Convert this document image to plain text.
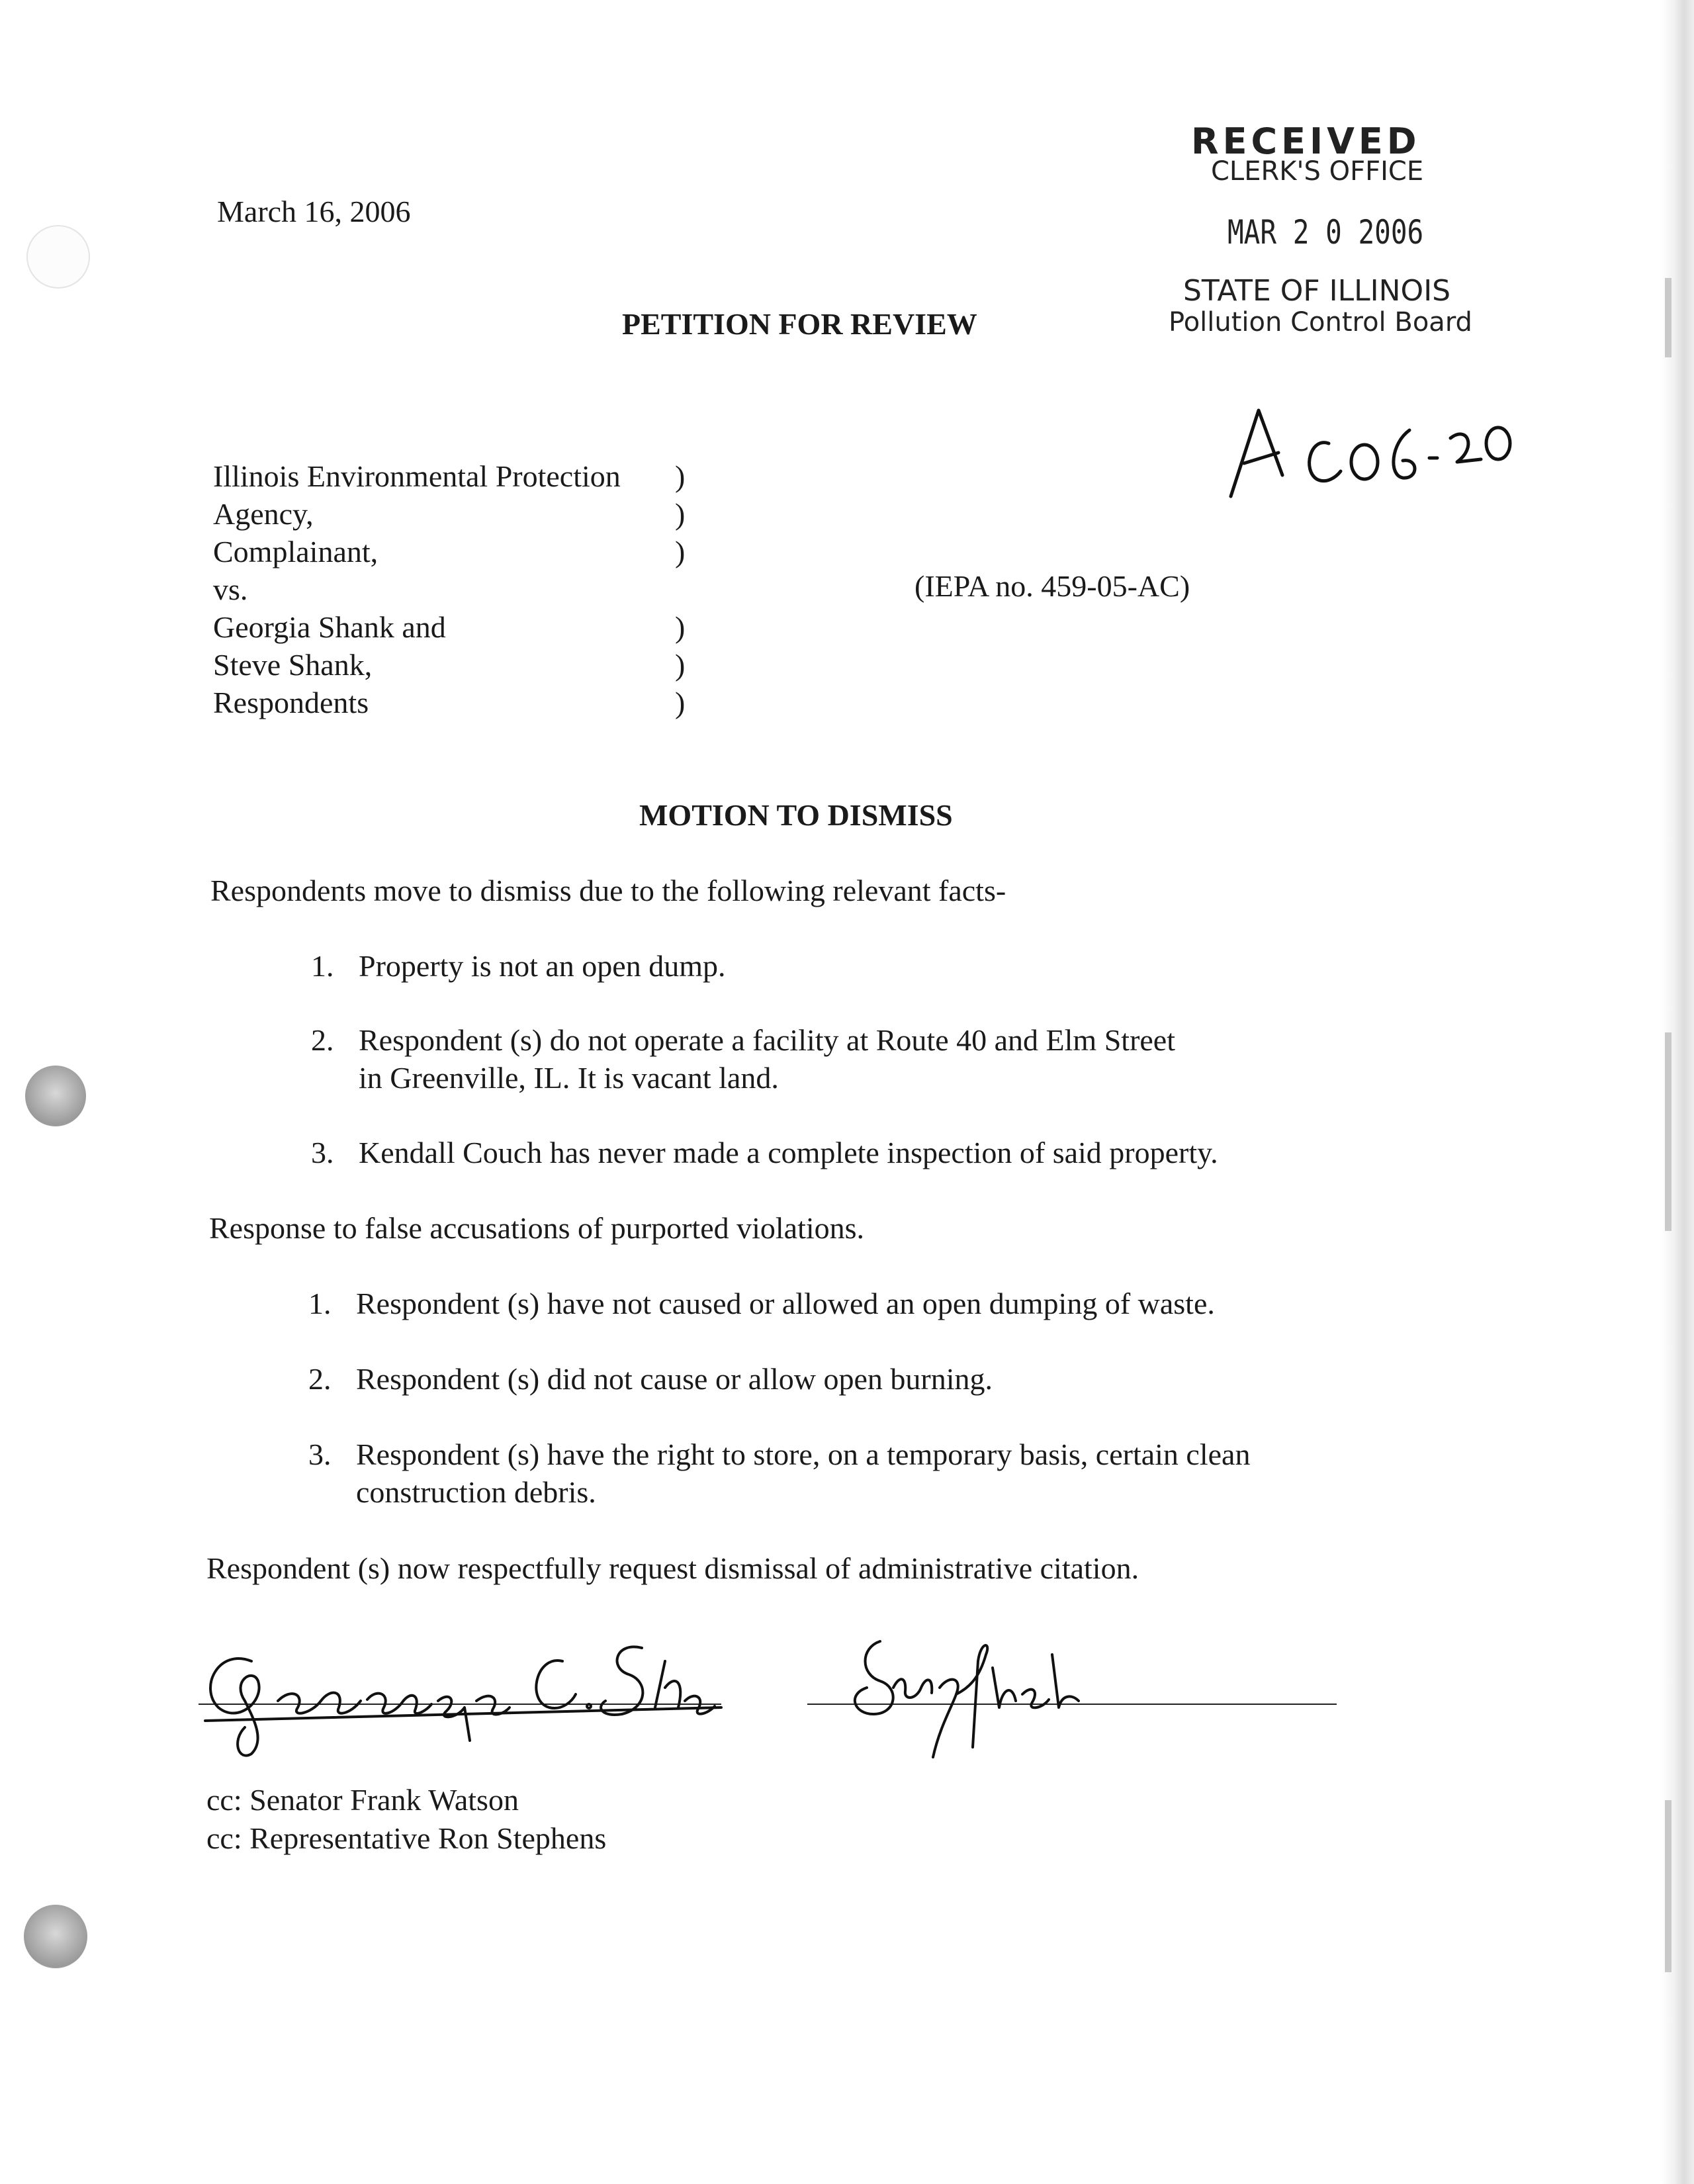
March 16, 2006
RECEIVED
CLERK'S OFFICE
MAR 2 0 2006
STATE OF ILLINOIS
Pollution Control Board
PETITION FOR REVIEW
Illinois Environmental Protection
Agency,
Complainant,
vs.
Georgia Shank and
Steve Shank,
Respondents
)
)
)
)
)
)
(IEPA no. 459-05-AC)
MOTION TO DISMISS
Respondents move to dismiss due to the following relevant facts-
1. Property is not an open dump.
2. Respondent (s) do not operate a facility at Route 40 and Elm Street
in Greenville, IL. It is vacant land.
3. Kendall Couch has never made a complete inspection of said property.
Response to false accusations of purported violations.
1. Respondent (s) have not caused or allowed an open dumping of waste.
2. Respondent (s) did not cause or allow open burning.
3. Respondent (s) have the right to store, on a temporary basis, certain clean
construction debris.
Respondent (s) now respectfully request dismissal of administrative citation.
cc: Senator Frank Watson
cc: Representative Ron Stephens
